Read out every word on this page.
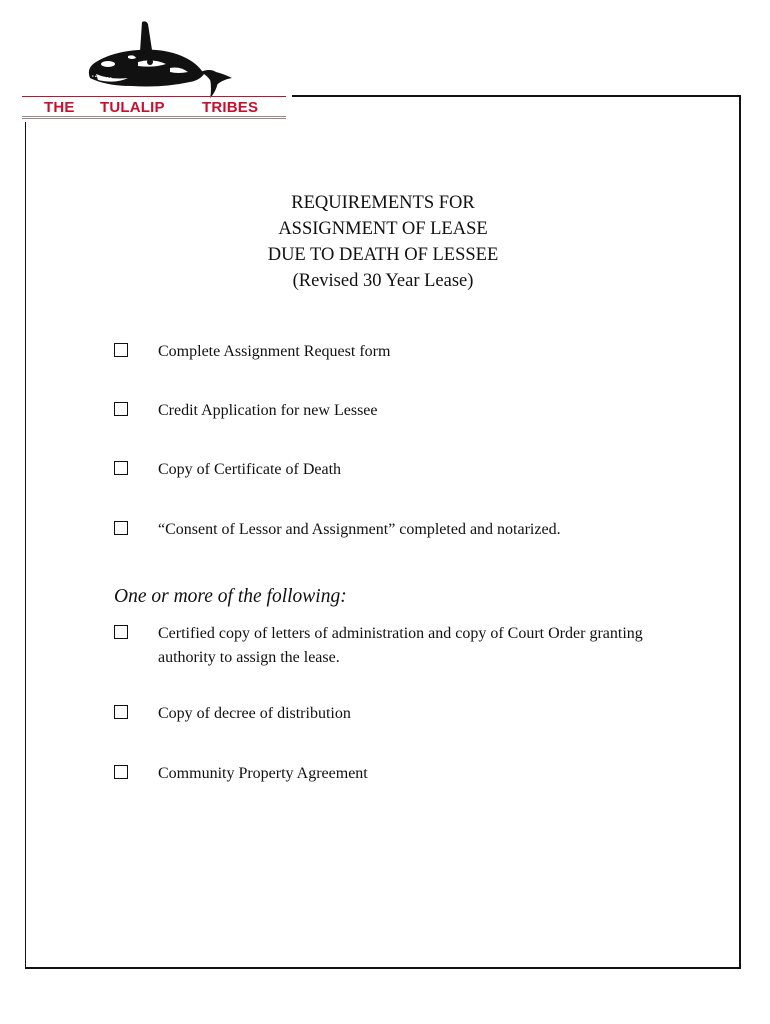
THE TULALIP TRIBES
REQUIREMENTS FOR
ASSIGNMENT OF LEASE
DUE TO DEATH OF LESSEE
(Revised 30 Year Lease)
Complete Assignment Request form
Credit Application for new Lessee
Copy of Certificate of Death
“Consent of Lessor and Assignment” completed and notarized.
One or more of the following:
Certified copy of letters of administration and copy of Court Order granting authority to assign the lease.
Copy of decree of distribution
Community Property Agreement
